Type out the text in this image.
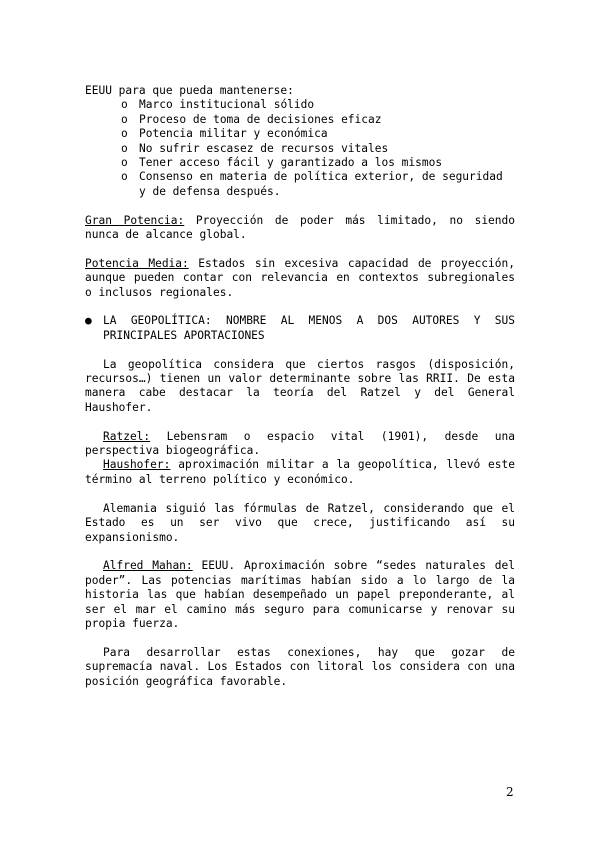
EEUU para que pueda mantenerse:

o Marco institucional sólido
o Proceso de toma de decisiones eficaz
o Potencia militar y económica
o No sufrir escasez de recursos vitales
o Tener acceso fácil y garantizado a los mismos
o Consenso en materia de política exterior, de seguridad y de defensa después.

Gran Potencia: Proyección de poder más limitado, no siendo nunca de alcance global.

Potencia Media: Estados sin excesiva capacidad de proyección, aunque pueden contar con relevancia en contextos subregionales o inclusos regionales.

● LA GEOPOLÍTICA: NOMBRE AL MENOS A DOS AUTORES Y SUS PRINCIPALES APORTACIONES

La geopolítica considera que ciertos rasgos (disposición, recursos…) tienen un valor determinante sobre las RRII. De esta manera cabe destacar la teoría del Ratzel y del General Haushofer.

Ratzel: Lebensram o espacio vital (1901), desde una perspectiva biogeográfica.

Haushofer: aproximación militar a la geopolítica, llevó este término al terreno político y económico.

Alemania siguió las fórmulas de Ratzel, considerando que el Estado es un ser vivo que crece, justificando así su expansionismo.

Alfred Mahan: EEUU. Aproximación sobre “sedes naturales del poder”. Las potencias marítimas habían sido a lo largo de la historia las que habían desempeñado un papel preponderante, al ser el mar el camino más seguro para comunicarse y renovar su propia fuerza.

Para desarrollar estas conexiones, hay que gozar de supremacía naval. Los Estados con litoral los considera con una posición geográfica favorable.

2
